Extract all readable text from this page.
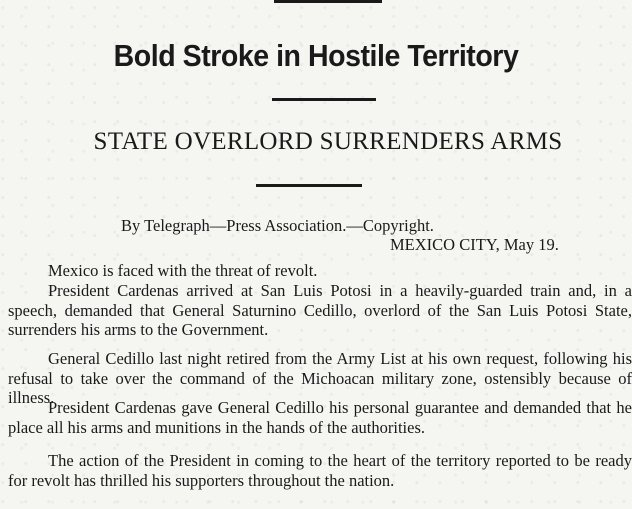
Bold Stroke in Hostile Territory
STATE OVERLORD SURRENDERS ARMS
By Telegraph—Press Association.—Copyright.
MEXICO CITY, May 19.
Mexico is faced with the threat of revolt.
President Cardenas arrived at San Luis Potosi in a heavily-guarded train and, in a speech, demanded that General Saturnino Cedillo, overlord of the San Luis Potosi State, surrenders his arms to the Government.
General Cedillo last night retired from the Army List at his own request, following his refusal to take over the command of the Michoacan military zone, ostensibly because of illness.
President Cardenas gave General Cedillo his personal guarantee and demanded that he place all his arms and munitions in the hands of the authorities.
The action of the President in coming to the heart of the territory reported to be ready for revolt has thrilled his supporters throughout the nation.
